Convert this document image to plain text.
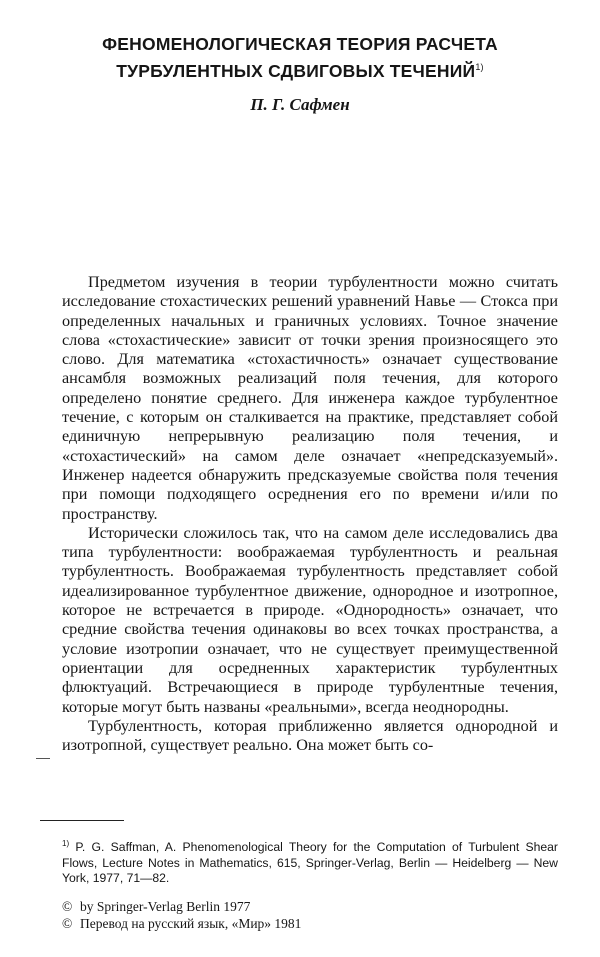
ФЕНОМЕНОЛОГИЧЕСКАЯ ТЕОРИЯ РАСЧЕТА
ТУРБУЛЕНТНЫХ СДВИГОВЫХ ТЕЧЕНИЙ$^{1)}$
П. Г. Сафмен

Предметом изучения в теории турбулентности можно считать исследование стохастических решений уравнений Навье — Стокса при определенных начальных и граничных условиях. Точное значение слова «стохастические» зависит от точки зрения произносящего это слово. Для математика «стохастичность» означает существование ансамбля возможных реализаций поля течения, для которого определено понятие среднего. Для инженера каждое турбулентное течение, с которым он сталкивается на практике, представляет собой единичную непрерывную реализацию поля течения, и «стохастический» на самом деле означает «непредсказуемый». Инженер надеется обнаружить предсказуемые свойства поля течения при помощи подходящего осреднения его по времени и/или по пространству.

Исторически сложилось так, что на самом деле исследовались два типа турбулентности: воображаемая турбулентность и реальная турбулентность. Воображаемая турбулентность представляет собой идеализированное турбулентное движение, однородное и изотропное, которое не встречается в природе. «Однородность» означает, что средние свойства течения одинаковы во всех точках пространства, а условие изотропии означает, что не существует преимущественной ориентации для осредненных характеристик турбулентных флюктуаций. Встречающиеся в природе турбулентные течения, которые могут быть названы «реальными», всегда неоднородны.

Турбулентность, которая приближенно является однородной и изотропной, существует реально. Она может быть со-

$^{1)}$ P. G. Saffman, A. Phenomenological Theory for the Computation of Turbulent Shear Flows, Lecture Notes in Mathematics, 615, Springer-Verlag, Berlin — Heidelberg — New York, 1977, 71—82.
© by Springer-Verlag Berlin 1977
© Перевод на русский язык, «Мир» 1981
